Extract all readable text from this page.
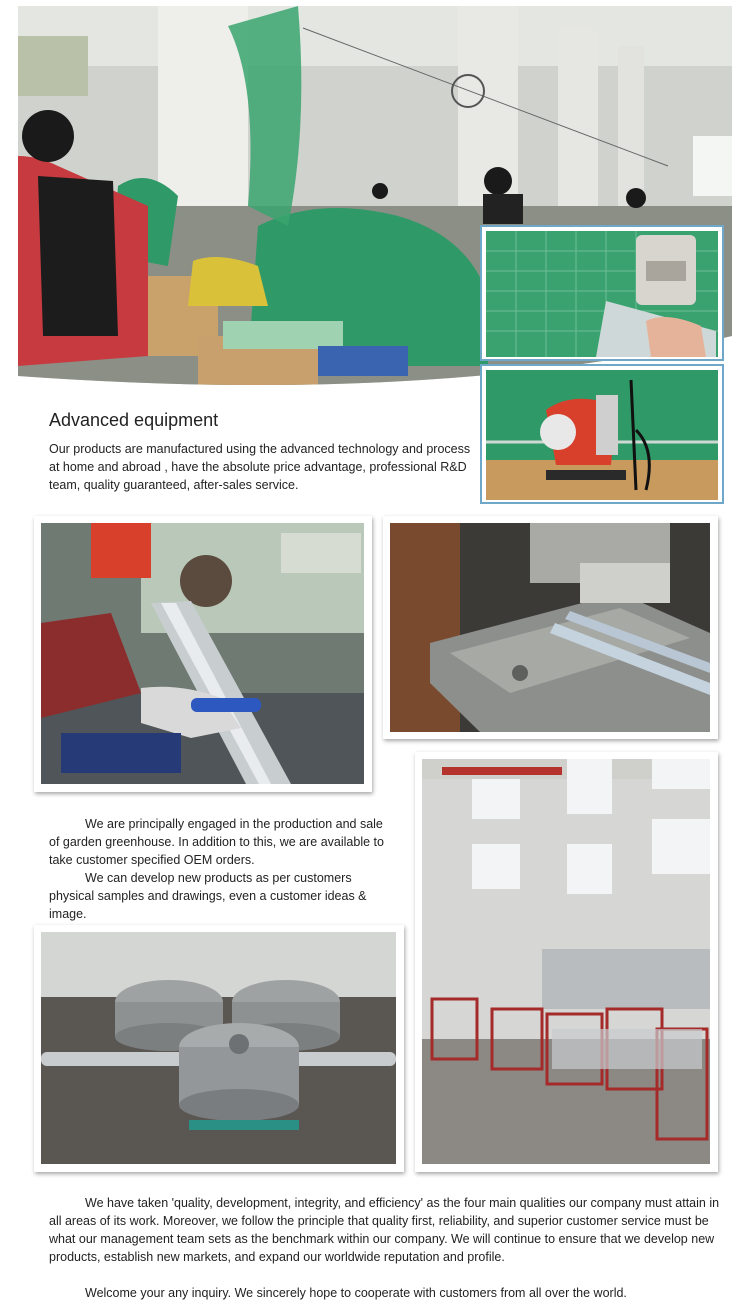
Advanced equipment
Our products are manufactured using the advanced technology and process at home and abroad , have the absolute price advantage, professional R&D team, quality guaranteed, after-sales service.

We are principally engaged in the production and sale of garden greenhouse. In addition to this, we are available to take customer specified OEM orders.

We can develop new products as per customers physical samples and drawings, even a customer ideas & image.

We have taken 'quality, development, integrity, and efficiency' as the four main qualities our company must attain in all areas of its work. Moreover, we follow the principle that quality first, reliability, and superior customer service must be what our management team sets as the benchmark within our company. We will continue to ensure that we develop new products, establish new markets, and expand our worldwide reputation and profile.

Welcome your any inquiry. We sincerely hope to cooperate with customers from all over the world.
